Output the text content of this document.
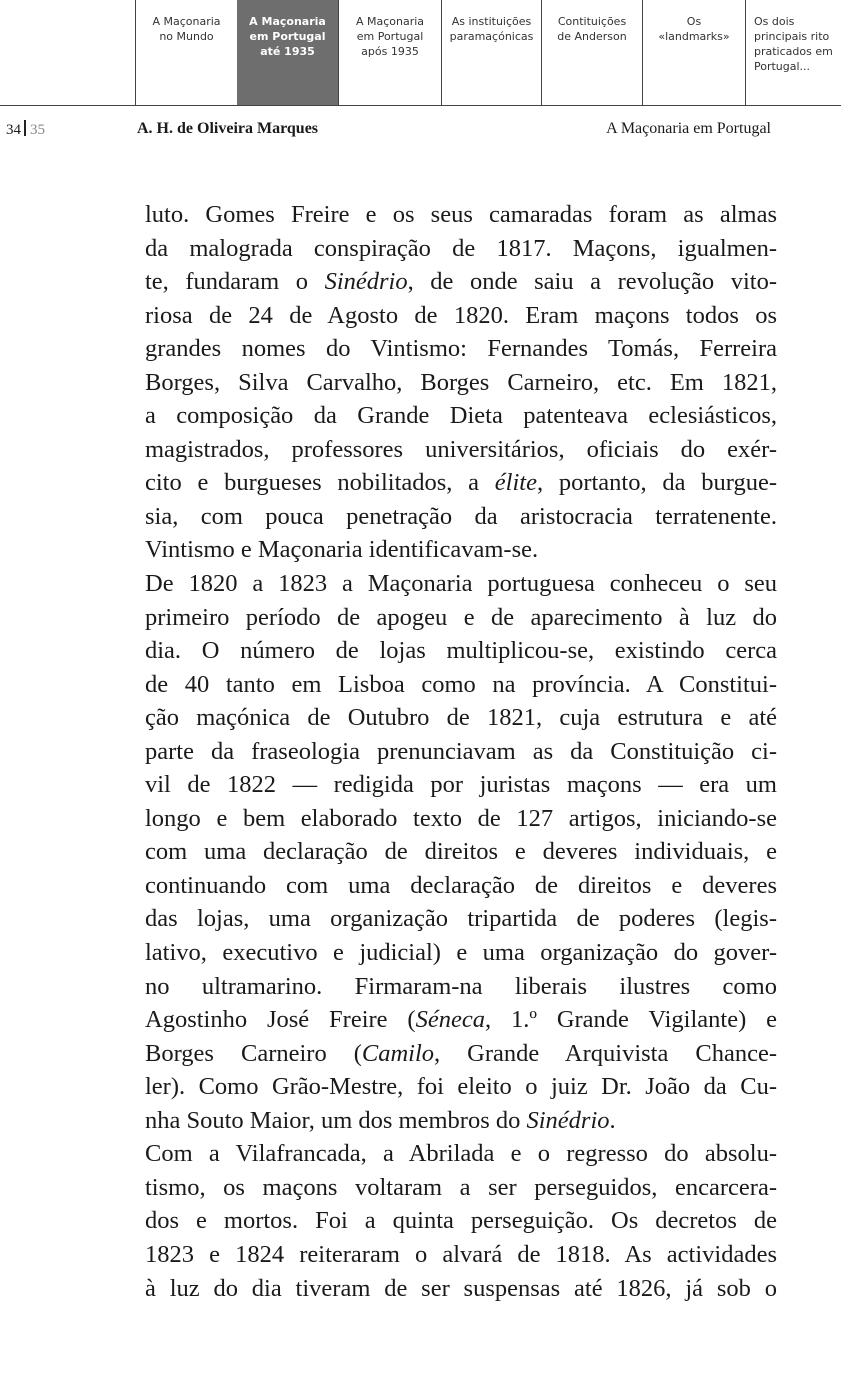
A Maçonaria
no Mundo
A Maçonaria
em Portugal
até 1935
A Maçonaria
em Portugal
após 1935
As instituições
paramaçónicas
Contituições
de Anderson
Os
«landmarks»
Os dois
principais rito
praticados em
Portugal...
34 35	A. H. de Oliveira Marques	A Maçonaria em Portugal
luto. Gomes Freire e os seus camaradas foram as almas
da malograda conspiração de 1817. Maçons, igualmen-
te, fundaram o Sinédrio, de onde saiu a revolução vito-
riosa de 24 de Agosto de 1820. Eram maçons todos os
grandes nomes do Vintismo: Fernandes Tomás, Ferreira
Borges, Silva Carvalho, Borges Carneiro, etc. Em 1821,
a composição da Grande Dieta patenteava eclesiásticos,
magistrados, professores universitários, oficiais do exér-
cito e burgueses nobilitados, a élite, portanto, da burgue-
sia, com pouca penetração da aristocracia terratenente.
Vintismo e Maçonaria identificavam-se.
De 1820 a 1823 a Maçonaria portuguesa conheceu o seu
primeiro período de apogeu e de aparecimento à luz do
dia. O número de lojas multiplicou-se, existindo cerca
de 40 tanto em Lisboa como na província. A Constitui-
ção maçónica de Outubro de 1821, cuja estrutura e até
parte da fraseologia prenunciavam as da Constituição ci-
vil de 1822 — redigida por juristas maçons — era um
longo e bem elaborado texto de 127 artigos, iniciando-se
com uma declaração de direitos e deveres individuais, e
continuando com uma declaração de direitos e deveres
das lojas, uma organização tripartida de poderes (legis-
lativo, executivo e judicial) e uma organização do gover-
no ultramarino. Firmaram-na liberais ilustres como
Agostinho José Freire (Séneca, 1.º Grande Vigilante) e
Borges Carneiro (Camilo, Grande Arquivista Chance-
ler). Como Grão-Mestre, foi eleito o juiz Dr. João da Cu-
nha Souto Maior, um dos membros do Sinédrio.
Com a Vilafrancada, a Abrilada e o regresso do absolu-
tismo, os maçons voltaram a ser perseguidos, encarcera-
dos e mortos. Foi a quinta perseguição. Os decretos de
1823 e 1824 reiteraram o alvará de 1818. As actividades
à luz do dia tiveram de ser suspensas até 1826, já sob o
